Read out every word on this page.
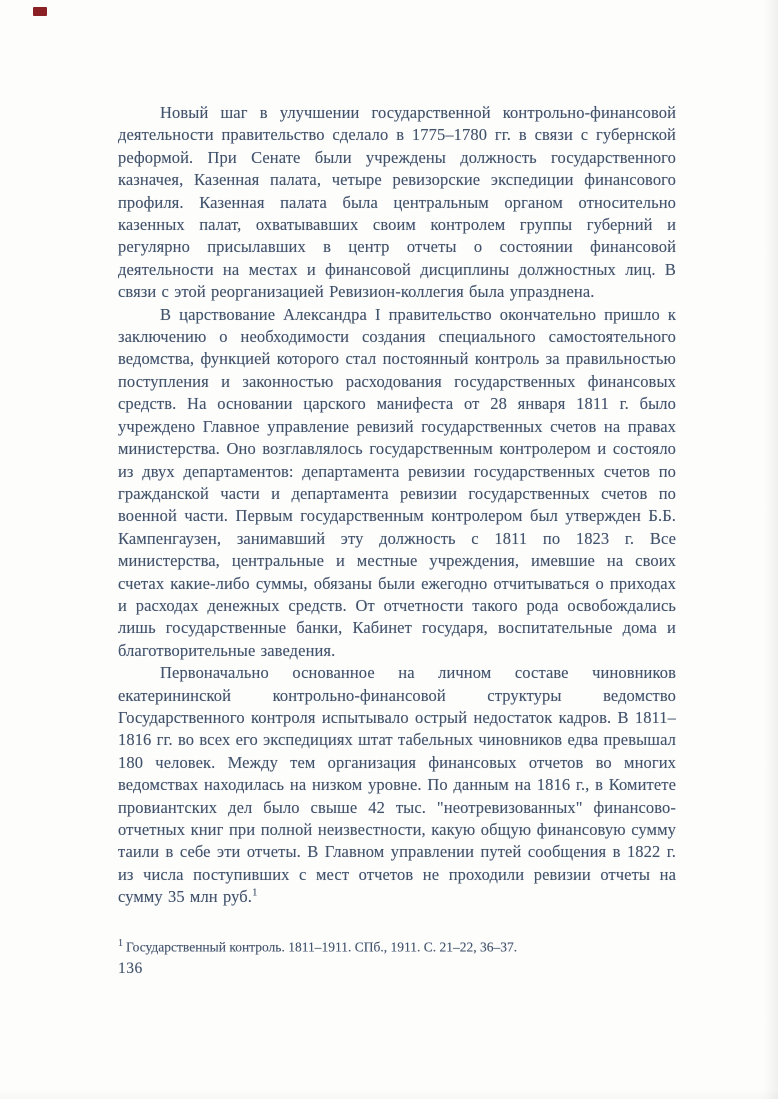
Новый шаг в улучшении государственной контрольно-финансовой деятельности правительство сделало в 1775–1780 гг. в связи с губернской реформой. При Сенате были учреждены должность государственного казначея, Казенная палата, четыре ревизорские экспедиции финансового профиля. Казенная палата была центральным органом относительно казенных палат, охватывавших своим контролем группы губерний и регулярно присылавших в центр отчеты о состоянии финансовой деятельности на местах и финансовой дисциплины должностных лиц. В связи с этой реорганизацией Ревизион-коллегия была упразднена.

В царствование Александра I правительство окончательно пришло к заключению о необходимости создания специального самостоятельного ведомства, функцией которого стал постоянный контроль за правильностью поступления и законностью расходования государственных финансовых средств. На основании царского манифеста от 28 января 1811 г. было учреждено Главное управление ревизий государственных счетов на правах министерства. Оно возглавлялось государственным контролером и состояло из двух департаментов: департамента ревизии государственных счетов по гражданской части и департамента ревизии государственных счетов по военной части. Первым государственным контролером был утвержден Б.Б. Кампенгаузен, занимавший эту должность с 1811 по 1823 г. Все министерства, центральные и местные учреждения, имевшие на своих счетах какие-либо суммы, обязаны были ежегодно отчитываться о приходах и расходах денежных средств. От отчетности такого рода освобождались лишь государственные банки, Кабинет государя, воспитательные дома и благотворительные заведения.

Первоначально основанное на личном составе чиновников екатерининской контрольно-финансовой структуры ведомство Государственного контроля испытывало острый недостаток кадров. В 1811–1816 гг. во всех его экспедициях штат табельных чиновников едва превышал 180 человек. Между тем организация финансовых отчетов во многих ведомствах находилась на низком уровне. По данным на 1816 г., в Комитете провиантских дел было свыше 42 тыс. "неотревизованных" финансово-отчетных книг при полной неизвестности, какую общую финансовую сумму таили в себе эти отчеты. В Главном управлении путей сообщения в 1822 г. из числа поступивших с мест отчетов не проходили ревизии отчеты на сумму 35 млн руб.$^1$

$^1$ Государственный контроль. 1811–1911. СПб., 1911. С. 21–22, 36–37.
136
